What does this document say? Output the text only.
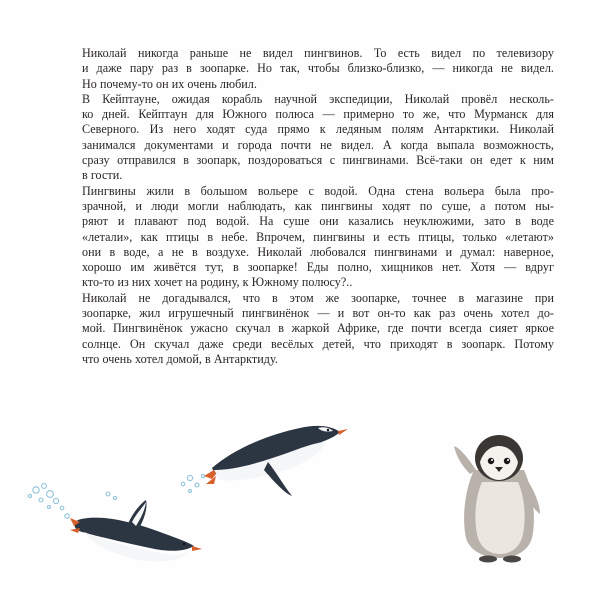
Николай никогда раньше не видел пингвинов. То есть видел по телевизору
и даже пару раз в зоопарке. Но так, чтобы близко-близко, — никогда не видел.
Но почему-то он их очень любил.
В Кейптауне, ожидая корабль научной экспедиции, Николай провёл несколь-
ко дней. Кейптаун для Южного полюса — примерно то же, что Мурманск для
Северного. Из него ходят суда прямо к ледяным полям Антарктики. Николай
занимался документами и города почти не видел. А когда выпала возможность,
сразу отправился в зоопарк, поздороваться с пингвинами. Всё-таки он едет к ним
в гости.
Пингвины жили в большом вольере с водой. Одна стена вольера была про-
зрачной, и люди могли наблюдать, как пингвины ходят по суше, а потом ны-
ряют и плавают под водой. На суше они казались неуклюжими, зато в воде
«летали», как птицы в небе. Впрочем, пингвины и есть птицы, только «летают»
они в воде, а не в воздухе. Николай любовался пингвинами и думал: наверное,
хорошо им живётся тут, в зоопарке! Еды полно, хищников нет. Хотя — вдруг
кто-то из них хочет на родину, к Южному полюсу?..
Николай не догадывался, что в этом же зоопарке, точнее в магазине при
зоопарке, жил игрушечный пингвинёнок — и вот он-то как раз очень хотел до-
мой. Пингвинёнок ужасно скучал в жаркой Африке, где почти всегда сияет яркое
солнце. Он скучал даже среди весёлых детей, что приходят в зоопарк. Потому
что очень хотел домой, в Антарктиду.
